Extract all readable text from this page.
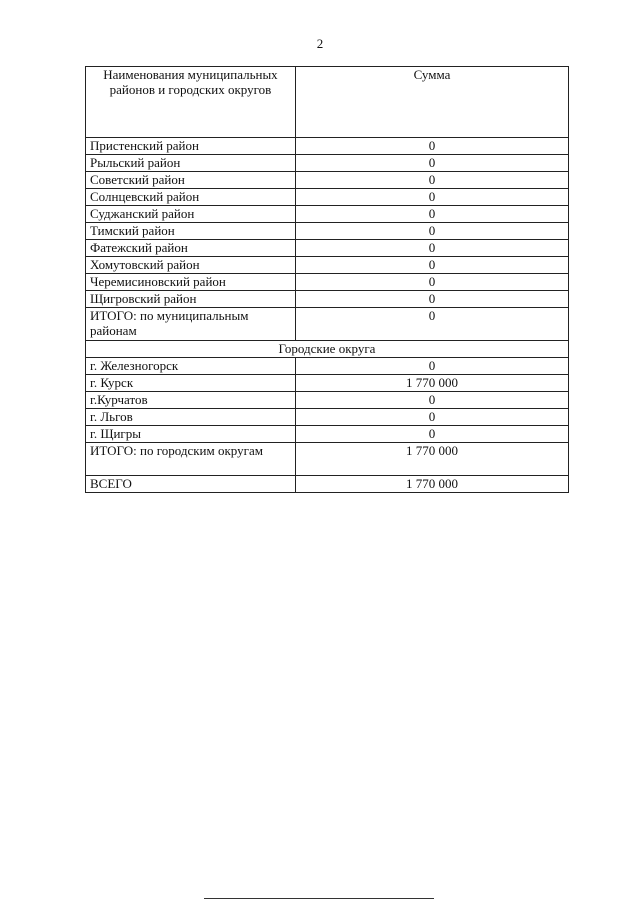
2
Наименования муниципальных районов и городских округов	Сумма
Пристенский район	0
Рыльский район	0
Советский район	0
Солнцевский район	0
Суджанский район	0
Тимский район	0
Фатежский район	0
Хомутовский район	0
Черемисиновский район	0
Щигровский район	0
ИТОГО: по муниципальным районам	0
Городские округа	
г. Железногорск	0
г. Курск	1 770 000
г.Курчатов	0
г. Льгов	0
г. Щигры	0
ИТОГО: по городским округам	1 770 000
ВСЕГО	1 770 000
